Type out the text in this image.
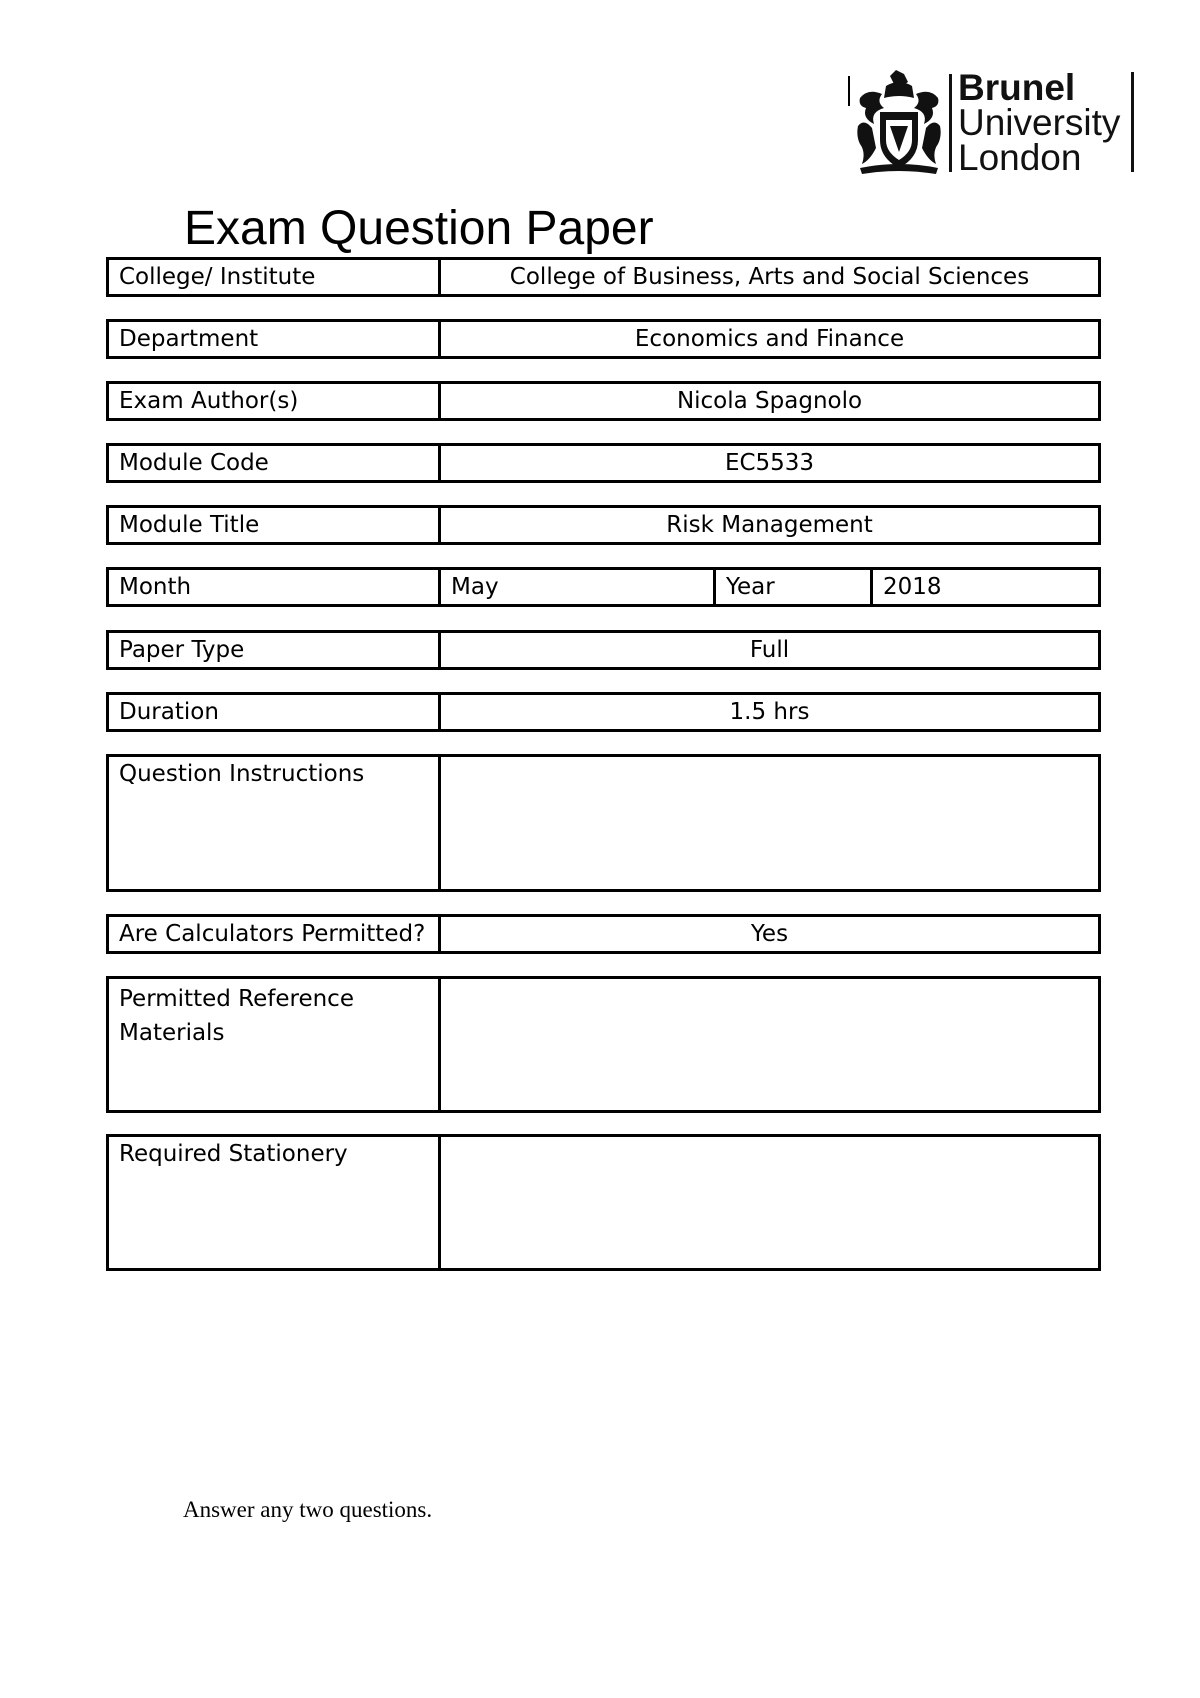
Brunel
University
London
Exam Question Paper
College/ Institute	College of Business, Arts and Social Sciences
Department	Economics and Finance
Exam Author(s)	Nicola Spagnolo
Module Code	EC5533
Module Title	Risk Management
Month	May	Year	2018
Paper Type	Full
Duration	1.5 hrs
Question Instructions
Are Calculators Permitted?	Yes
Permitted Reference Materials
Required Stationery
Answer any two questions.
